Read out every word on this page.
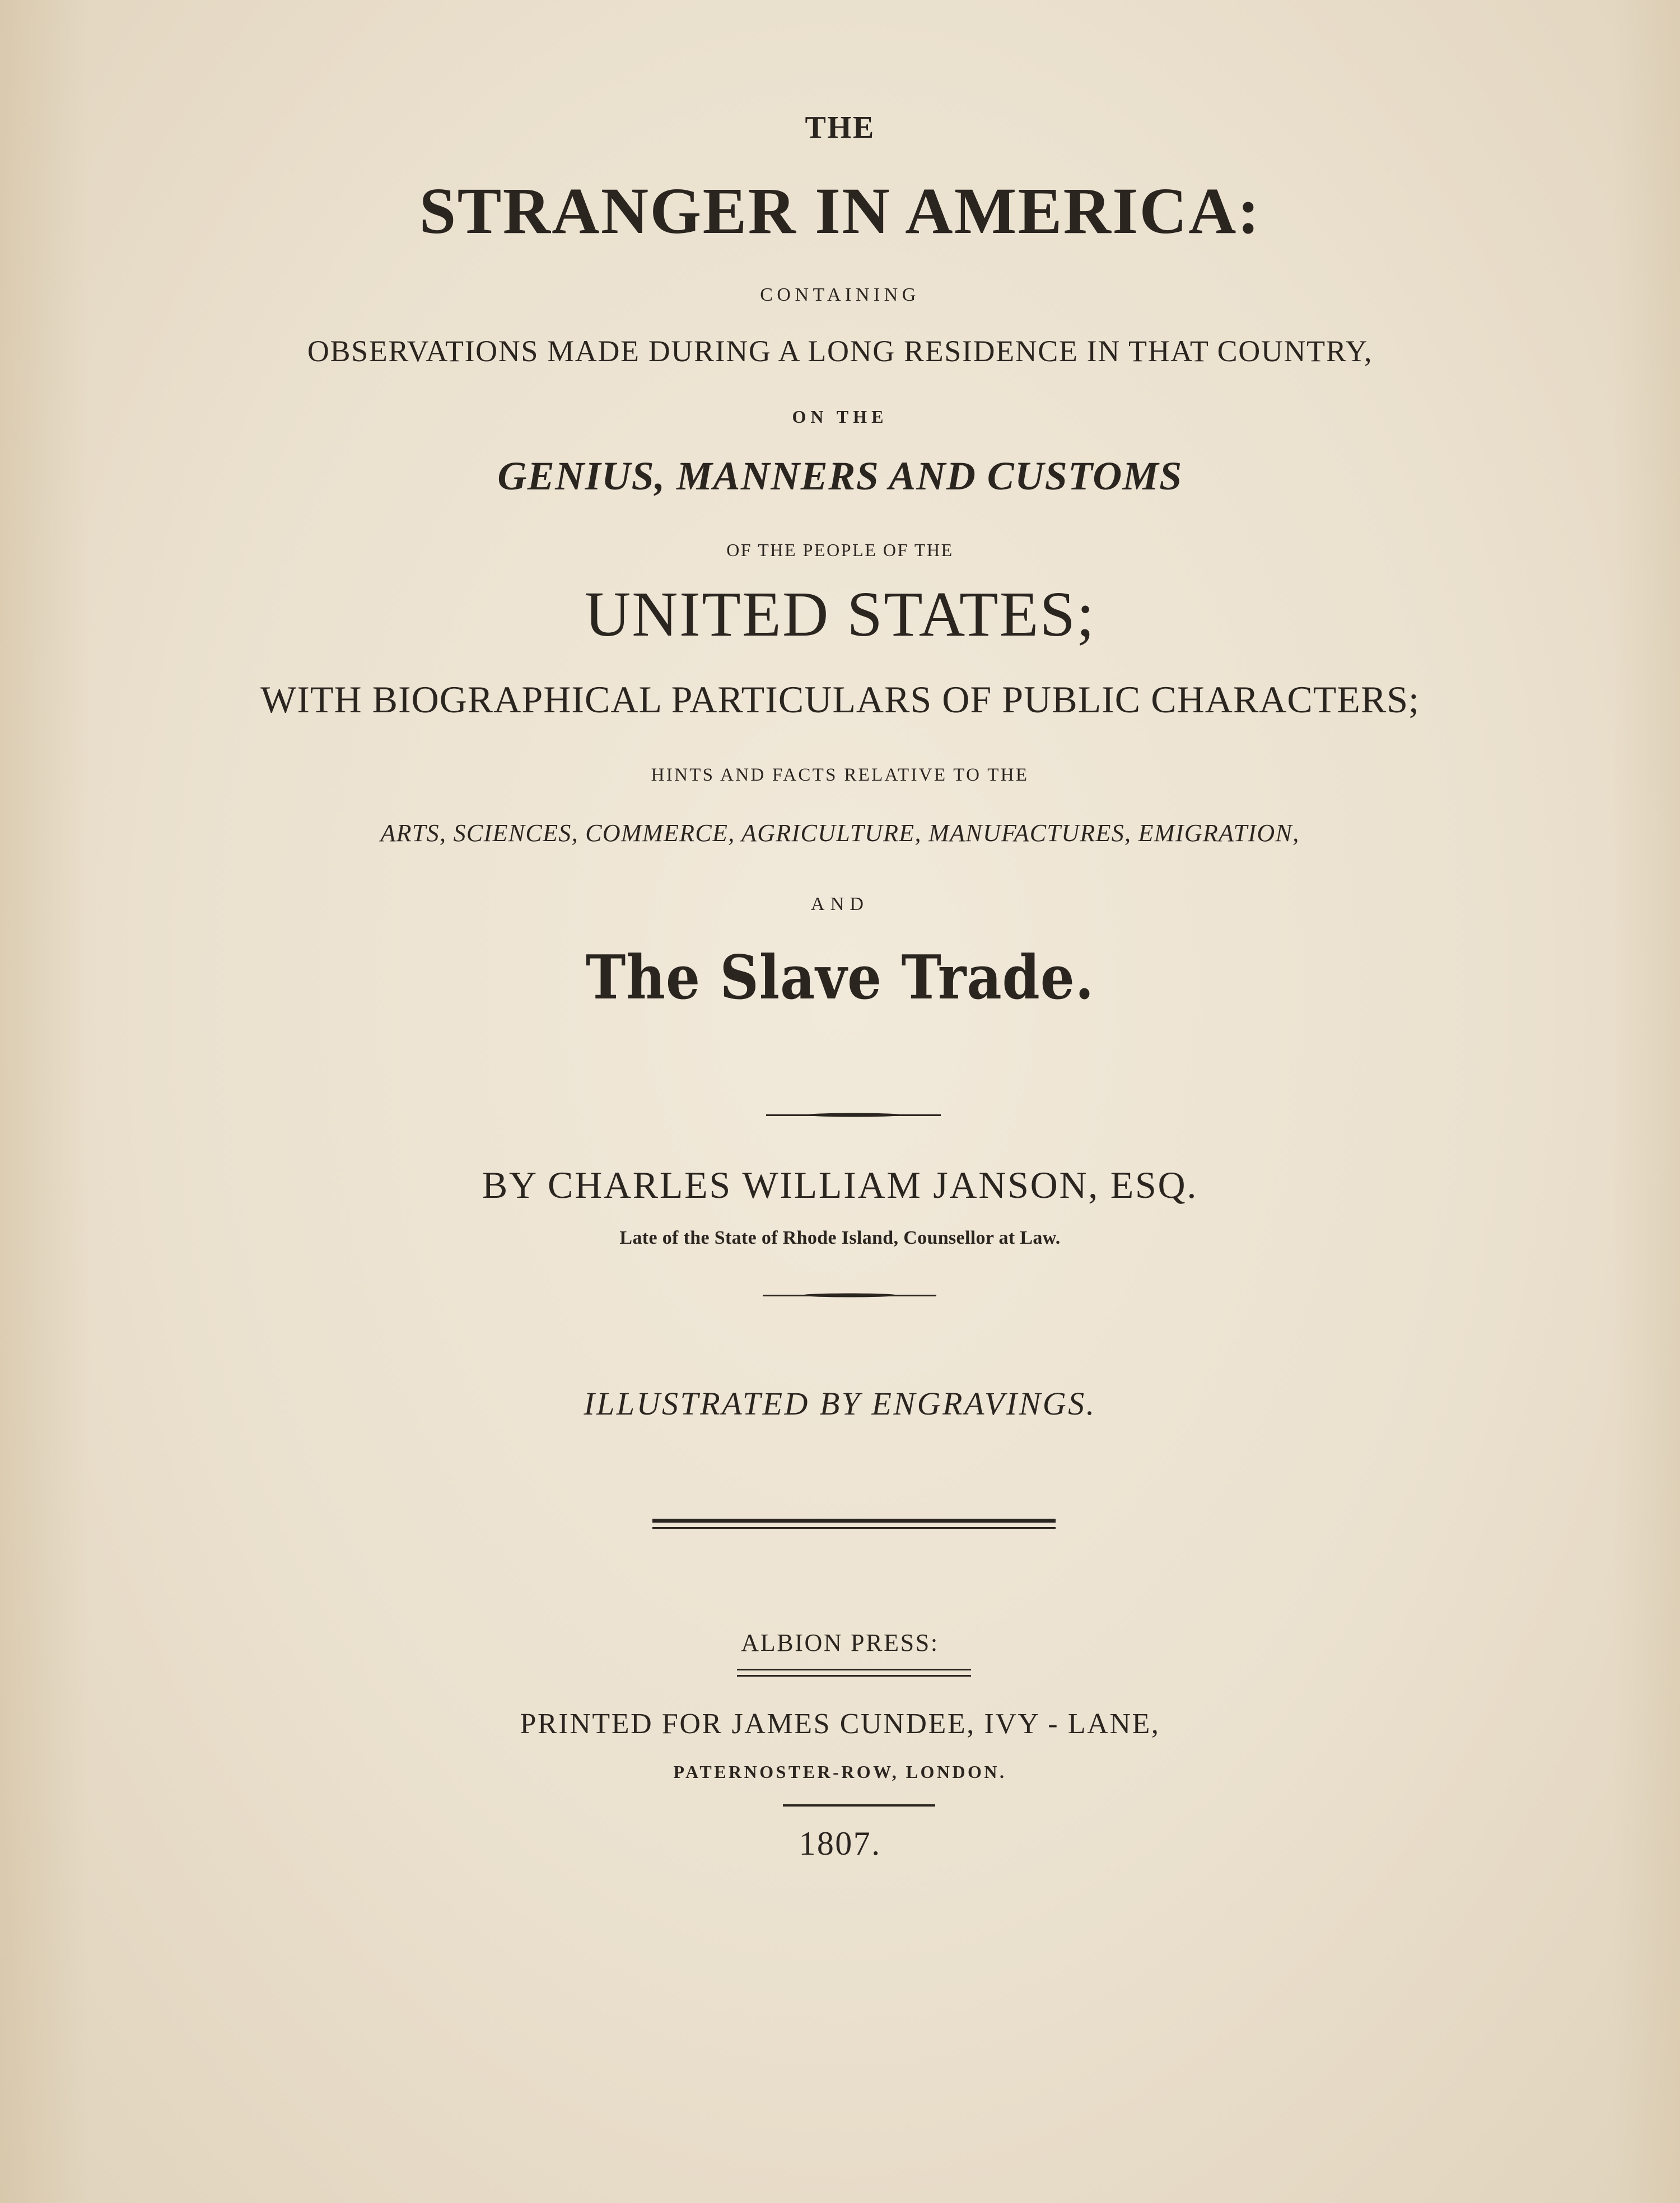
THE

STRANGER IN AMERICA:

CONTAINING

OBSERVATIONS MADE DURING A LONG RESIDENCE IN THAT COUNTRY,

ON THE

GENIUS, MANNERS AND CUSTOMS

OF THE PEOPLE OF THE

UNITED STATES;

WITH BIOGRAPHICAL PARTICULARS OF PUBLIC CHARACTERS;

HINTS AND FACTS RELATIVE TO THE

ARTS, SCIENCES, COMMERCE, AGRICULTURE, MANUFACTURES, EMIGRATION,

AND

The Slave Trade.

BY CHARLES WILLIAM JANSON, ESQ.

Late of the State of Rhode Island, Counsellor at Law.

ILLUSTRATED BY ENGRAVINGS.

ALBION PRESS:

PRINTED FOR JAMES CUNDEE, IVY - LANE,

PATERNOSTER-ROW, LONDON.

1807.
